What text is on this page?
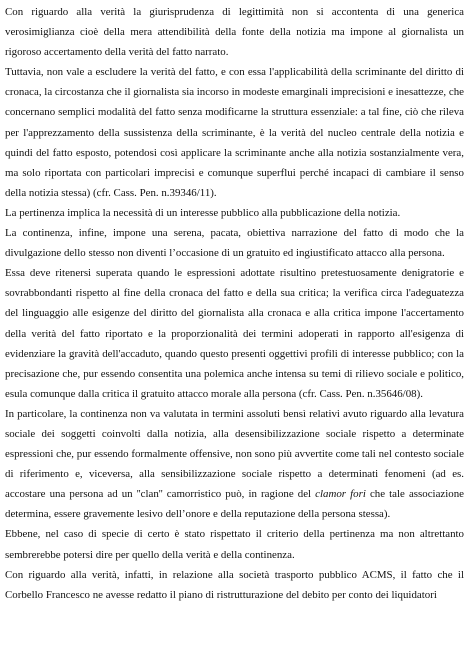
Con riguardo alla verità la giurisprudenza di legittimità non si accontenta di una generica verosimiglianza cioè della mera attendibilità della fonte della notizia ma impone al giornalista un rigoroso accertamento della verità del fatto narrato.

Tuttavia, non vale a escludere la verità del fatto, e con essa l'applicabilità della scriminante del diritto di cronaca, la circostanza che il giornalista sia incorso in modeste emarginali imprecisioni e inesattezze, che concernano semplici modalità del fatto senza modificarne la struttura essenziale: a tal fine, ciò che rileva per l'apprezzamento della sussistenza della scriminante, è la verità del nucleo centrale della notizia e quindi del fatto esposto, potendosi così applicare la scriminante anche alla notizia sostanzialmente vera, ma solo riportata con particolari imprecisi e comunque superflui perché incapaci di cambiare il senso della notizia stessa) (cfr. Cass. Pen. n.39346/11).

La pertinenza implica la necessità di un interesse pubblico alla pubblicazione della notizia.

La continenza, infine, impone una serena, pacata, obiettiva narrazione del fatto di modo che la divulgazione dello stesso non diventi l’occasione di un gratuito ed ingiustificato attacco alla persona.

Essa deve ritenersi superata quando le espressioni adottate risultino pretestuosamente denigratorie e sovrabbondanti rispetto al fine della cronaca del fatto e della sua critica; la verifica circa l'adeguatezza del linguaggio alle esigenze del diritto del giornalista alla cronaca e alla critica impone l'accertamento della verità del fatto riportato e la proporzionalità dei termini adoperati in rapporto all'esigenza di evidenziare la gravità dell'accaduto, quando questo presenti oggettivi profili di interesse pubblico; con la precisazione che, pur essendo consentita una polemica anche intensa su temi di rilievo sociale e politico, esula comunque dalla critica il gratuito attacco morale alla persona (cfr. Cass. Pen. n.35646/08).

In particolare, la continenza non va valutata in termini assoluti bensì relativi avuto riguardo alla levatura sociale dei soggetti coinvolti dalla notizia, alla desensibilizzazione sociale rispetto a determinate espressioni che, pur essendo formalmente offensive, non sono più avvertite come tali nel contesto sociale di riferimento e, viceversa, alla sensibilizzazione sociale rispetto a determinati fenomeni (ad es. accostare una persona ad un ''clan'' camorristico può, in ragione del clamor fori che tale associazione determina, essere gravemente lesivo dell’onore e della reputazione della persona stessa).

Ebbene, nel caso di specie di certo è stato rispettato il criterio della pertinenza ma non altrettanto sembrerebbe potersi dire per quello della verità e della continenza.

Con riguardo alla verità, infatti, in relazione alla società trasporto pubblico ACMS, il fatto che il Corbello Francesco ne avesse redatto il piano di ristrutturazione del debito per conto dei liquidatori
